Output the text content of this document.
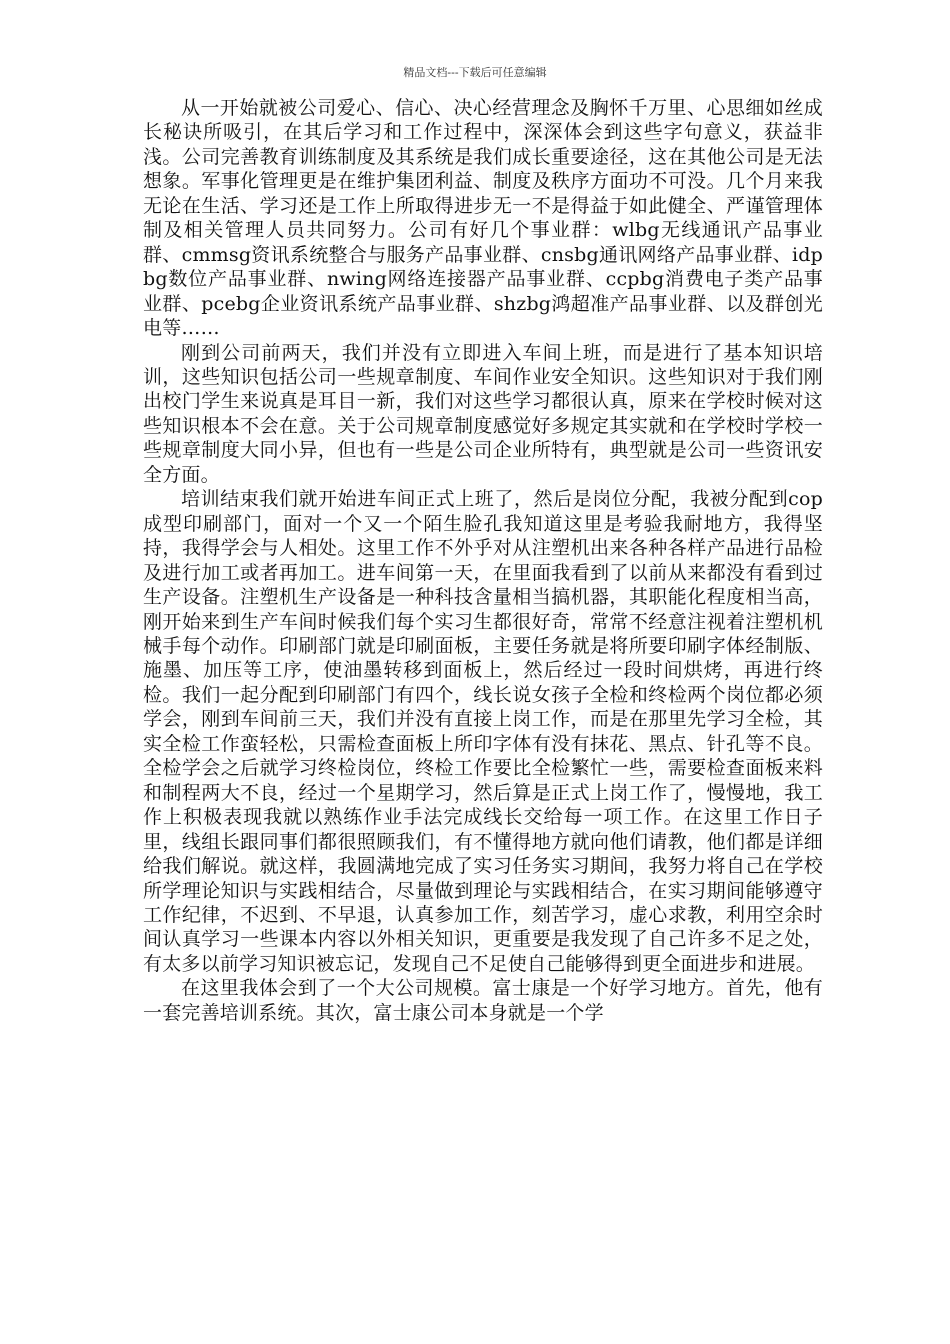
精品文档---下载后可任意编辑

从一开始就被公司爱心、信心、决心经营理念及胸怀千万里、心思细如丝成长秘诀所吸引，在其后学习和工作过程中，深深体会到这些字句意义，获益非浅。公司完善教育训练制度及其系统是我们成长重要途径，这在其他公司是无法想象。军事化管理更是在维护集团利益、制度及秩序方面功不可没。几个月来我无论在生活、学习还是工作上所取得进步无一不是得益于如此健全、严谨管理体制及相关管理人员共同努力。公司有好几个事业群：wlbg无线通讯产品事业群、cmmsg资讯系统整合与服务产品事业群、cnsbg通讯网络产品事业群、idpbg数位产品事业群、nwing网络连接器产品事业群、ccpbg消费电子类产品事业群、pcebg企业资讯系统产品事业群、shzbg鸿超准产品事业群、以及群创光电等……

刚到公司前两天，我们并没有立即进入车间上班，而是进行了基本知识培训，这些知识包括公司一些规章制度、车间作业安全知识。这些知识对于我们刚出校门学生来说真是耳目一新，我们对这些学习都很认真，原来在学校时候对这些知识根本不会在意。关于公司规章制度感觉好多规定其实就和在学校时学校一些规章制度大同小异，但也有一些是公司企业所特有，典型就是公司一些资讯安全方面。

培训结束我们就开始进车间正式上班了，然后是岗位分配，我被分配到cop成型印刷部门，面对一个又一个陌生脸孔我知道这里是考验我耐地方，我得坚持，我得学会与人相处。这里工作不外乎对从注塑机出来各种各样产品进行品检及进行加工或者再加工。进车间第一天，在里面我看到了以前从来都没有看到过生产设备。注塑机生产设备是一种科技含量相当搞机器，其职能化程度相当高，刚开始来到生产车间时候我们每个实习生都很好奇，常常不经意注视着注塑机机械手每个动作。印刷部门就是印刷面板，主要任务就是将所要印刷字体经制版、施墨、加压等工序，使油墨转移到面板上，然后经过一段时间烘烤，再进行终检。我们一起分配到印刷部门有四个，线长说女孩子全检和终检两个岗位都必须学会，刚到车间前三天，我们并没有直接上岗工作，而是在那里先学习全检，其实全检工作蛮轻松，只需检查面板上所印字体有没有抹花、黑点、针孔等不良。全检学会之后就学习终检岗位，终检工作要比全检繁忙一些，需要检查面板来料和制程两大不良，经过一个星期学习，然后算是正式上岗工作了，慢慢地，我工作上积极表现我就以熟练作业手法完成线长交给每一项工作。在这里工作日子里，线组长跟同事们都很照顾我们，有不懂得地方就向他们请教，他们都是详细给我们解说。就这样，我圆满地完成了实习任务实习期间，我努力将自己在学校所学理论知识与实践相结合，尽量做到理论与实践相结合，在实习期间能够遵守工作纪律，不迟到、不早退，认真参加工作，刻苦学习，虚心求教，利用空余时间认真学习一些课本内容以外相关知识，更重要是我发现了自己许多不足之处，有太多以前学习知识被忘记，发现自己不足使自己能够得到更全面进步和进展。

在这里我体会到了一个大公司规模。富士康是一个好学习地方。首先，他有一套完善培训系统。其次，富士康公司本身就是一个学
